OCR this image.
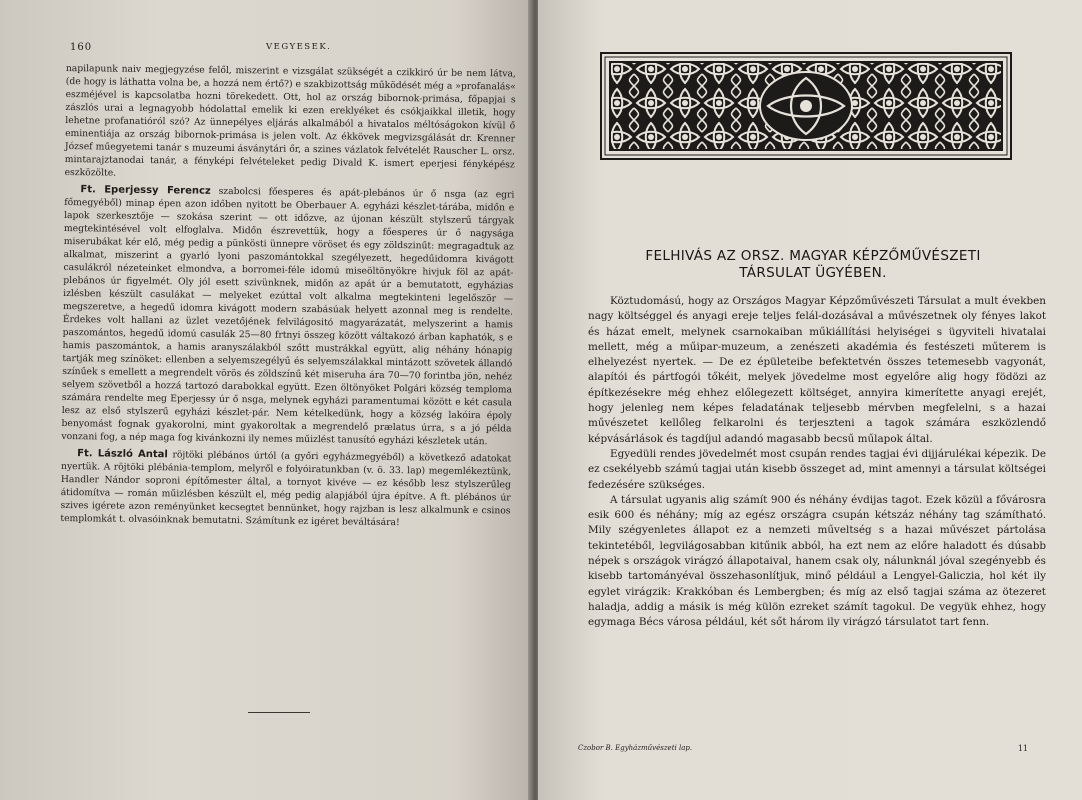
160	VEGYESEK.

napilapunk naiv megjegyzése felől, miszerint e vizsgálat szükségét a czikkiró úr be nem látva, (de hogy is láthatta volna be, a hozzá nem értő?) e szakbizottság működését még a »profanalás« eszméjével is kapcsolatba hozni törekedett. Ott, hol az ország bibornok-primása, főpapjai s zászlós urai a legnagyobb hódolattal emelik ki ezen ereklyéket és csókjaikkal illetik, hogy lehetne profanatióról szó? Az ünnepélyes eljárás alkalmából a hivatalos méltóságokon kívül ő eminentiája az ország bibornok-primása is jelen volt. Az ékkövek megvizsgálását dr. Krenner József műegyetemi tanár s muzeumi ásványtári őr, a szines vázlatok felvételét Rauscher L. orsz. mintarajztanodai tanár, a fényképi felvételeket pedig Divald K. ismert eperjesi fényképész eszközölte.

Ft. Eperjessy Ferencz szabolcsi főesperes és apát-plebános úr ő nsga (az egri főmegyéből) minap épen azon időben nyitott be Oberbauer A. egyházi készlet-tárába, midőn e lapok szerkesztője — szokása szerint — ott időzve, az újonan készült stylszerű tárgyak megtekintésével volt elfoglalva. Midőn észrevettük, hogy a főesperes úr ő nagysága miserubákat kér elő, még pedig a pünkösti ünnepre vöröset és egy zöldszinűt: megragadtuk az alkalmat, miszerint a gyarló lyoni paszomántokkal szegélyezett, hegedűidomra kivágott casulákról nézeteinket elmondva, a borromei-féle idomú miseöltönyökre hivjuk föl az apát-plebános úr figyelmét. Oly jól esett szivünknek, midőn az apát úr a bemutatott, egyházias izlésben készült casulákat — melyeket ezúttal volt alkalma megtekinteni legelőször — megszeretve, a hegedű idomra kivágott modern szabásúak helyett azonnal meg is rendelte. Érdekes volt hallani az üzlet vezetőjének felvilágositó magyarázatát, melyszerint a hamis paszomántos, hegedű idomú casulák 25—80 frtnyi összeg között váltakozó árban kaphatók, s e hamis paszomántok, a hamis aranyszálakból szőtt mustrákkal együtt, alig néhány hónapig tartják meg színöket: ellenben a selyemszegélyű és selyemszálakkal mintázott szövetek állandó színűek s emellett a megrendelt vörös és zöldszínű két miseruha ára 70—70 forintba jön, nehéz selyem szövetből a hozzá tartozó darabokkal együtt. Ezen öltönyöket Polgári község temploma számára rendelte meg Eperjessy úr ő nsga, melynek egyházi paramentumai között e két casula lesz az első stylszerű egyházi készlet-pár. Nem kételkedünk, hogy a község lakóira époly benyomást fognak gyakorolni, mint gyakoroltak a megrendelő prælatus úrra, s a jó példa vonzani fog, a nép maga fog kivánkozni ily nemes műizlést tanusító egyházi készletek után.

Ft. László Antal röjtöki plébános úrtól (a győri egyházmegyéből) a következő adatokat nyertük. A röjtöki plébánia-templom, melyről e folyóiratunkban (v. ö. 33. lap) megemlékeztünk, Handler Nándor soproni építőmester által, a tornyot kivéve — ez később lesz stylszerűleg átidomítva — román műizlésben készült el, még pedig alapjából újra építve. A ft. plébános úr szives igérete azon reményünket kecsegtet bennünket, hogy rajzban is lesz alkalmunk e csinos templomkát t. olvasóinknak bemutatni. Számítunk ez igéret beváltására!

FELHIVÁS AZ ORSZ. MAGYAR KÉPZŐMŰVÉSZETI
TÁRSULAT ÜGYÉBEN.

Köztudomású, hogy az Országos Magyar Képzőművészeti Társulat a mult években nagy költséggel és anyagi ereje teljes felál-dozásával a művészetnek oly fényes lakot és házat emelt, melynek csarnokaiban műkiállítási helyiségei s ügyviteli hivatalai mellett, még a műipar-muzeum, a zenészeti akadémia és festészeti műterem is elhelyezést nyertek. — De ez épületeibe befektetvén összes tetemesebb vagyonát, alapítói és pártfogói tőkéit, melyek jövedelme most egyelőre alig hogy födözi az építkezésekre még ehhez előlegezett költséget, annyira kimerítette anyagi erejét, hogy jelenleg nem képes feladatának teljesebb mérvben megfelelni, s a hazai művészetet kellőleg felkarolni és terjeszteni a tagok számára eszközlendő képvásárlások és tagdíjul adandó magasabb becsű műlapok által.

Egyedüli rendes jövedelmét most csupán rendes tagjai évi dijjárulékai képezik. De ez csekélyebb számú tagjai után kisebb összeget ad, mint amennyi a társulat költségei fedezésére szükséges.

A társulat ugyanis alig számít 900 és néhány évdijas tagot. Ezek közül a fővárosra esik 600 és néhány; míg az egész országra csupán kétszáz néhány tag számítható. Mily szégyenletes állapot ez a nemzeti műveltség s a hazai művészet pártolása tekintetéből, legvilágosabban kitűnik abból, ha ezt nem az előre haladott és dúsabb népek s országok virágzó állapotaival, hanem csak oly, nálunknál jóval szegényebb és kisebb tartományéval összehasonlítjuk, minő például a Lengyel-Galiczia, hol két ily egylet virágzik: Krakkóban és Lembergben; és míg az első tagjai száma az ötezeret haladja, addig a másik is még külön ezreket számít tagokul. De vegyük ehhez, hogy egymaga Bécs városa például, két sőt három ily virágzó társulatot tart fenn.

Czobor B. Egyházművészeti lap.	11
